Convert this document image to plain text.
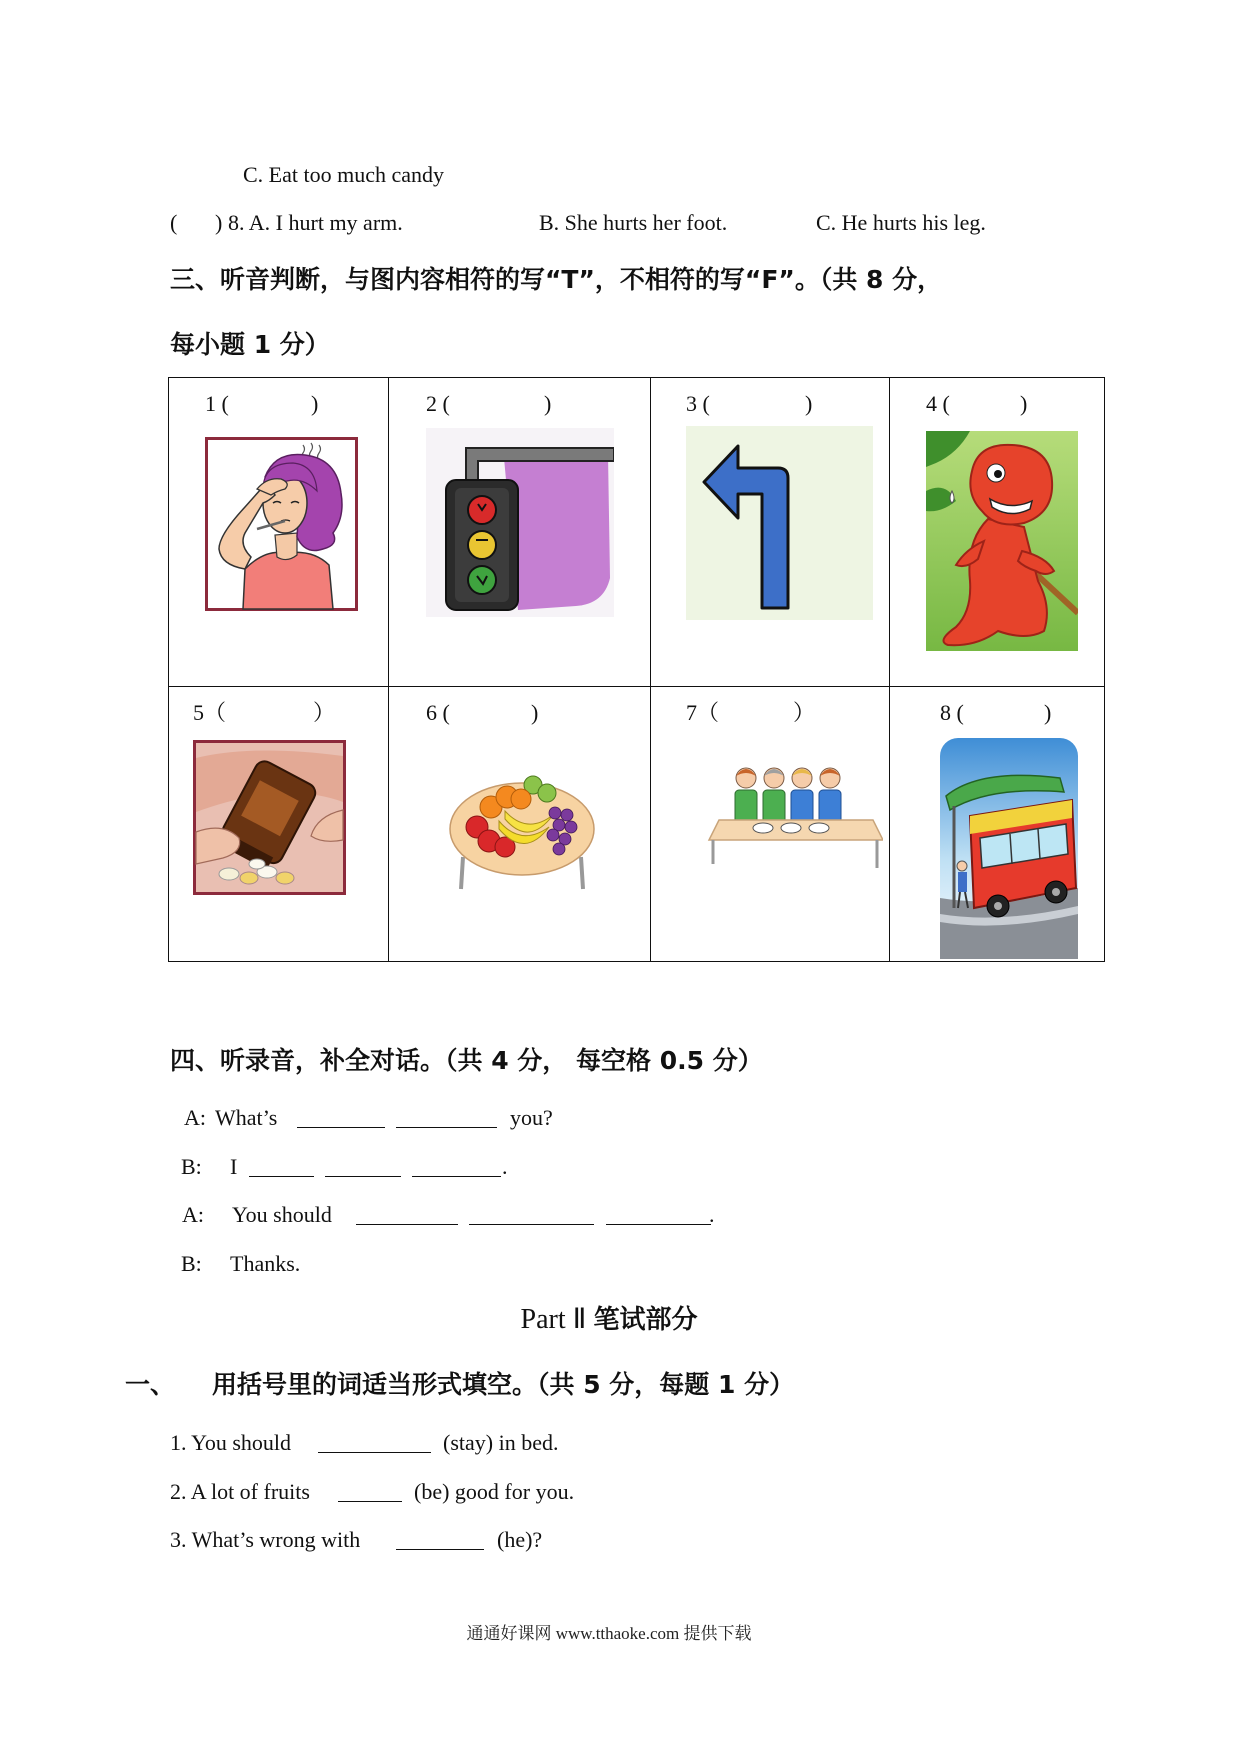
C. Eat too much candy
( ) 8. A. I hurt my arm.	B. She hurts her foot.	C. He hurts his leg.
三、听音判断，与图内容相符的写“T”，不相符的写“F”。（共 8 分，
每小题 1 分）
1 (	)	2 (	)	3 (	)	4 (	)
5（	）	6 (	)	7（	）	8 (	)
四、听录音，补全对话。（共 4 分， 每空格 0.5 分）
A: What’s	you?
B: I	.
A: You should	.
B: Thanks.
Part Ⅱ 笔试部分
一、 用括号里的词适当形式填空。（共 5 分，每题 1 分）
1. You should	(stay) in bed.
2. A lot of fruits	(be) good for you.
3. What’s wrong with	(he)?
通通好课网 www.tthaoke.com 提供下载
